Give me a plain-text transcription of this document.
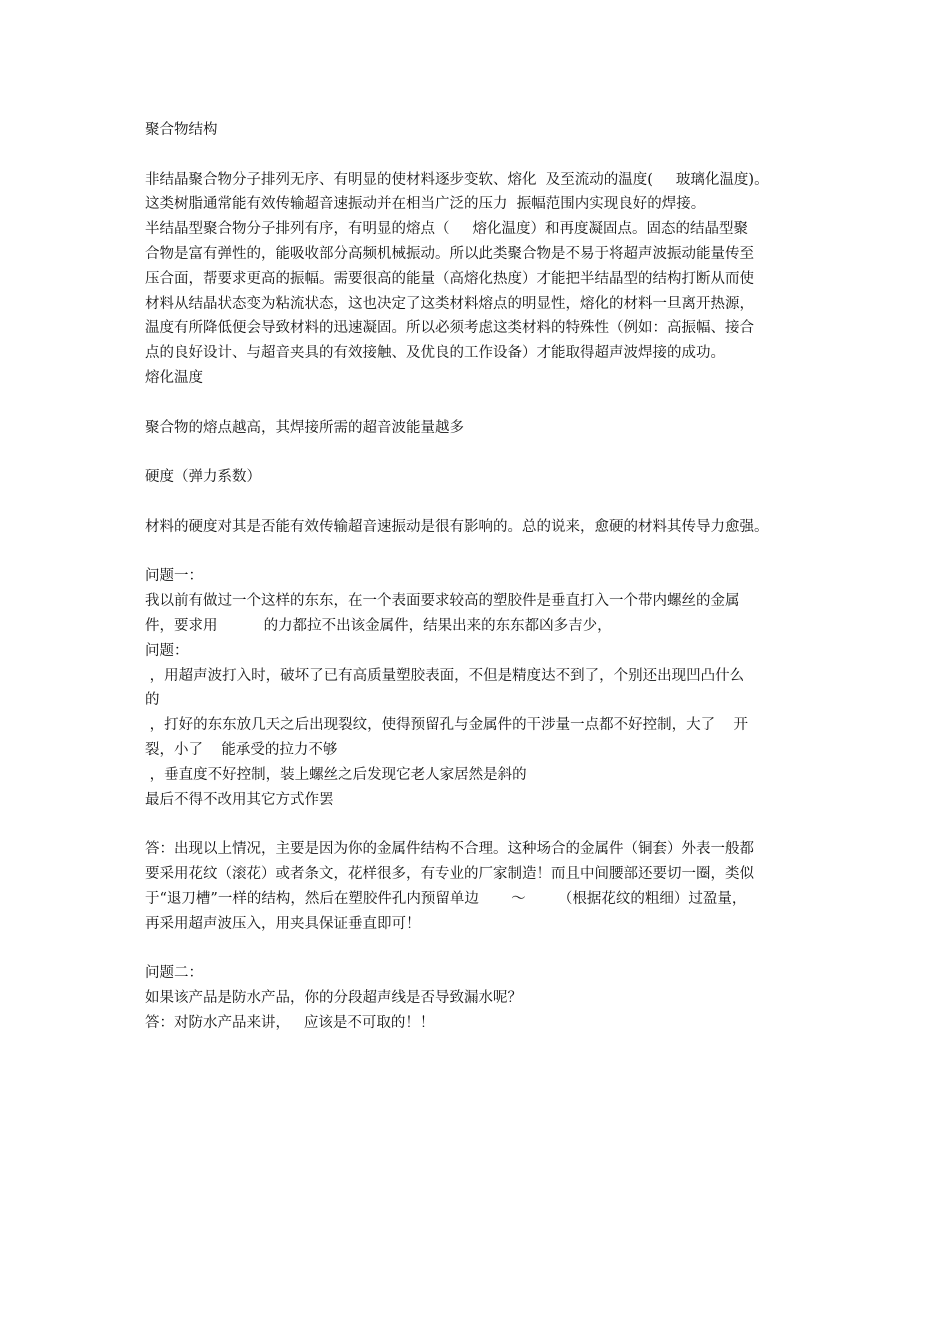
聚合物结构
非结晶聚合物分子排列无序、有明显的使材料逐步变软、熔化  及至流动的温度(     玻璃化温度)。
这类树脂通常能有效传输超音速振动并在相当广泛的压力  振幅范围内实现良好的焊接。
半结晶型聚合物分子排列有序，有明显的熔点（     熔化温度）和再度凝固点。固态的结晶型聚
合物是富有弹性的，能吸收部分高频机械振动。所以此类聚合物是不易于将超声波振动能量传至
压合面，帮要求更高的振幅。需要很高的能量（高熔化热度）才能把半结晶型的结构打断从而使
材料从结晶状态变为粘流状态，这也决定了这类材料熔点的明显性，熔化的材料一旦离开热源，
温度有所降低便会导致材料的迅速凝固。所以必须考虑这类材料的特殊性（例如：高振幅、接合
点的良好设计、与超音夹具的有效接触、及优良的工作设备）才能取得超声波焊接的成功。
熔化温度
聚合物的熔点越高，其焊接所需的超音波能量越多
硬度（弹力系数）
材料的硬度对其是否能有效传输超音速振动是很有影响的。总的说来，愈硬的材料其传导力愈强。
问题一：
我以前有做过一个这样的东东，在一个表面要求较高的塑胶件是垂直打入一个带内螺丝的金属
件，要求用          的力都拉不出该金属件，结果出来的东东都凶多吉少，
问题：
，用超声波打入时，破坏了已有高质量塑胶表面，不但是精度达不到了，个别还出现凹凸什么
的
，打好的东东放几天之后出现裂纹，使得预留孔与金属件的干涉量一点都不好控制，大了    开
裂，小了    能承受的拉力不够
，垂直度不好控制，装上螺丝之后发现它老人家居然是斜的
最后不得不改用其它方式作罢
答：出现以上情况，主要是因为你的金属件结构不合理。这种场合的金属件（铜套）外表一般都
要采用花纹（滚花）或者条文，花样很多，有专业的厂家制造！而且中间腰部还要切一圈，类似
于“退刀槽”一样的结构，然后在塑胶件孔内预留单边       ～       （根据花纹的粗细）过盈量，
再采用超声波压入，用夹具保证垂直即可！
问题二：
如果该产品是防水产品，你的分段超声线是否导致漏水呢？
答：对防水产品来讲，   应该是不可取的！！
